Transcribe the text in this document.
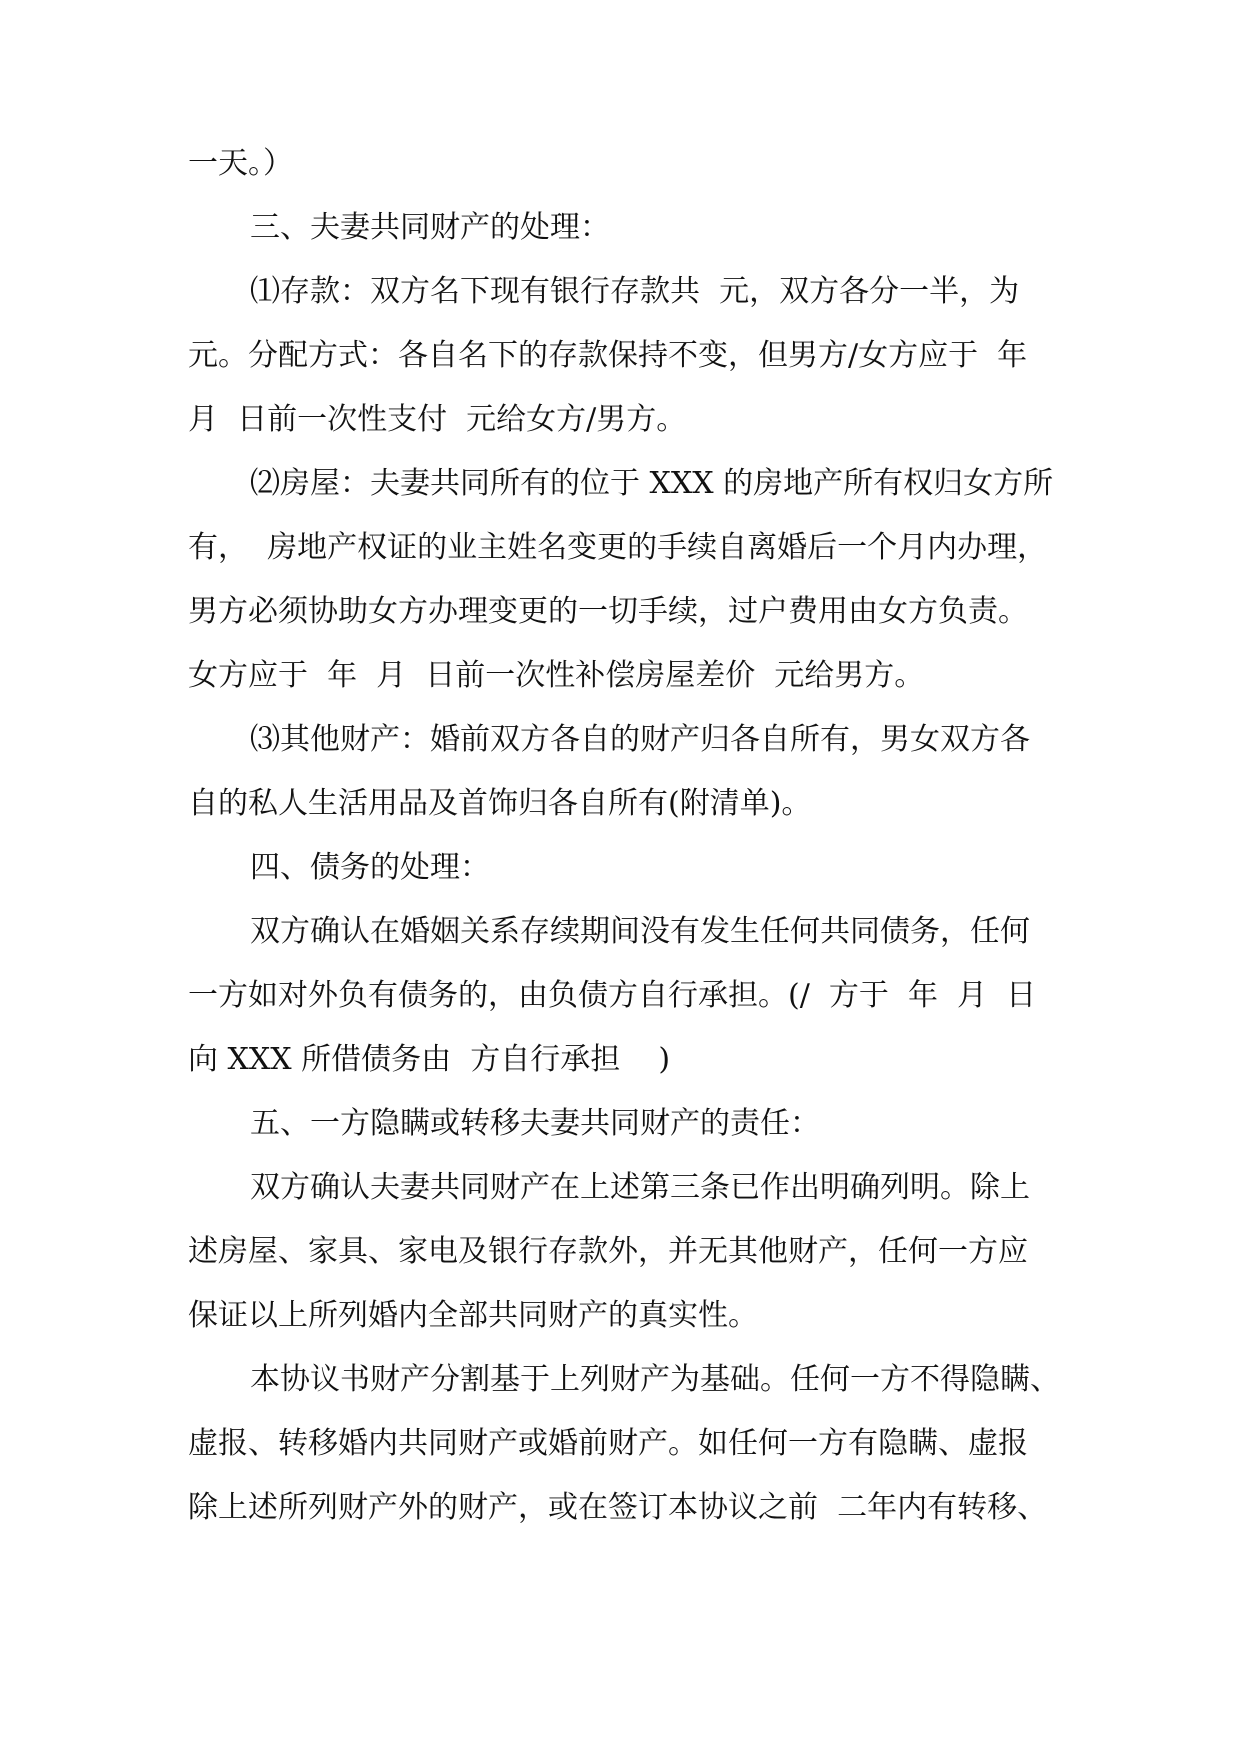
一天。）

三、夫妻共同财产的处理：

⑴存款：双方名下现有银行存款共  元，双方各分一半，为

元。分配方式：各自名下的存款保持不变，但男方/女方应于  年

月  日前一次性支付  元给女方/男方。

⑵房屋：夫妻共同所有的位于 XXX 的房地产所有权归女方所

有，  房地产权证的业主姓名变更的手续自离婚后一个月内办理，

男方必须协助女方办理变更的一切手续，过户费用由女方负责。

女方应于  年  月  日前一次性补偿房屋差价  元给男方。

⑶其他财产：婚前双方各自的财产归各自所有，男女双方各

自的私人生活用品及首饰归各自所有(附清单)。

四、债务的处理：

双方确认在婚姻关系存续期间没有发生任何共同债务，任何

一方如对外负有债务的，由负债方自行承担。(/  方于  年  月  日

向 XXX 所借债务由  方自行承担    )

五、一方隐瞒或转移夫妻共同财产的责任：

双方确认夫妻共同财产在上述第三条已作出明确列明。除上

述房屋、家具、家电及银行存款外，并无其他财产，任何一方应

保证以上所列婚内全部共同财产的真实性。

本协议书财产分割基于上列财产为基础。任何一方不得隐瞒、

虚报、转移婚内共同财产或婚前财产。如任何一方有隐瞒、虚报

除上述所列财产外的财产，或在签订本协议之前  二年内有转移、
